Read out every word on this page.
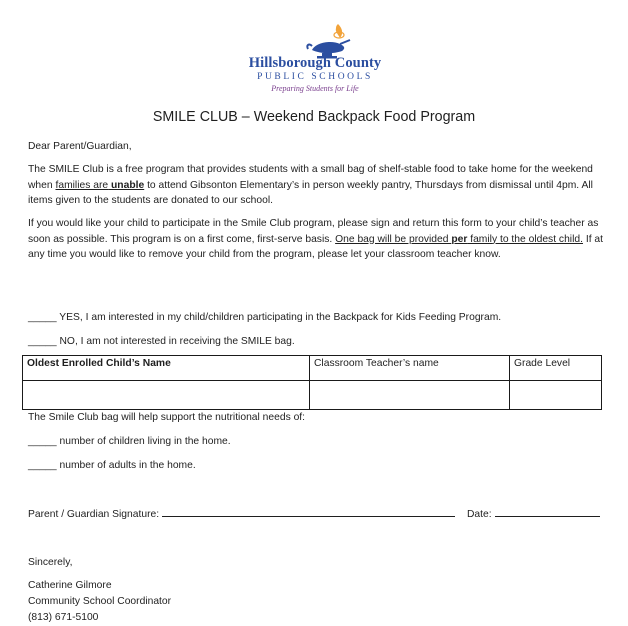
Hillsborough County
PUBLIC SCHOOLS
Preparing Students for Life
SMILE CLUB – Weekend Backpack Food Program
Dear Parent/Guardian,
The SMILE Club is a free program that provides students with a small bag of shelf-stable food to take home for the weekend when families are unable to attend Gibsonton Elementary’s in person weekly pantry, Thursdays from dismissal until 4pm. All items given to the students are donated to our school.
If you would like your child to participate in the Smile Club program, please sign and return this form to your child’s teacher as soon as possible. This program is on a first come, first-serve basis. One bag will be provided per family to the oldest child. If at any time you would like to remove your child from the program, please let your classroom teacher know.
_____ YES, I am interested in my child/children participating in the Backpack for Kids Feeding Program.
_____ NO, I am not interested in receiving the SMILE bag.
Oldest Enrolled Child’s Name	Classroom Teacher’s name	Grade Level

The Smile Club bag will help support the nutritional needs of:
_____ number of children living in the home.
_____ number of adults in the home.
Parent / Guardian Signature:	Date:
Sincerely,
Catherine Gilmore
Community School Coordinator
(813) 671-5100
